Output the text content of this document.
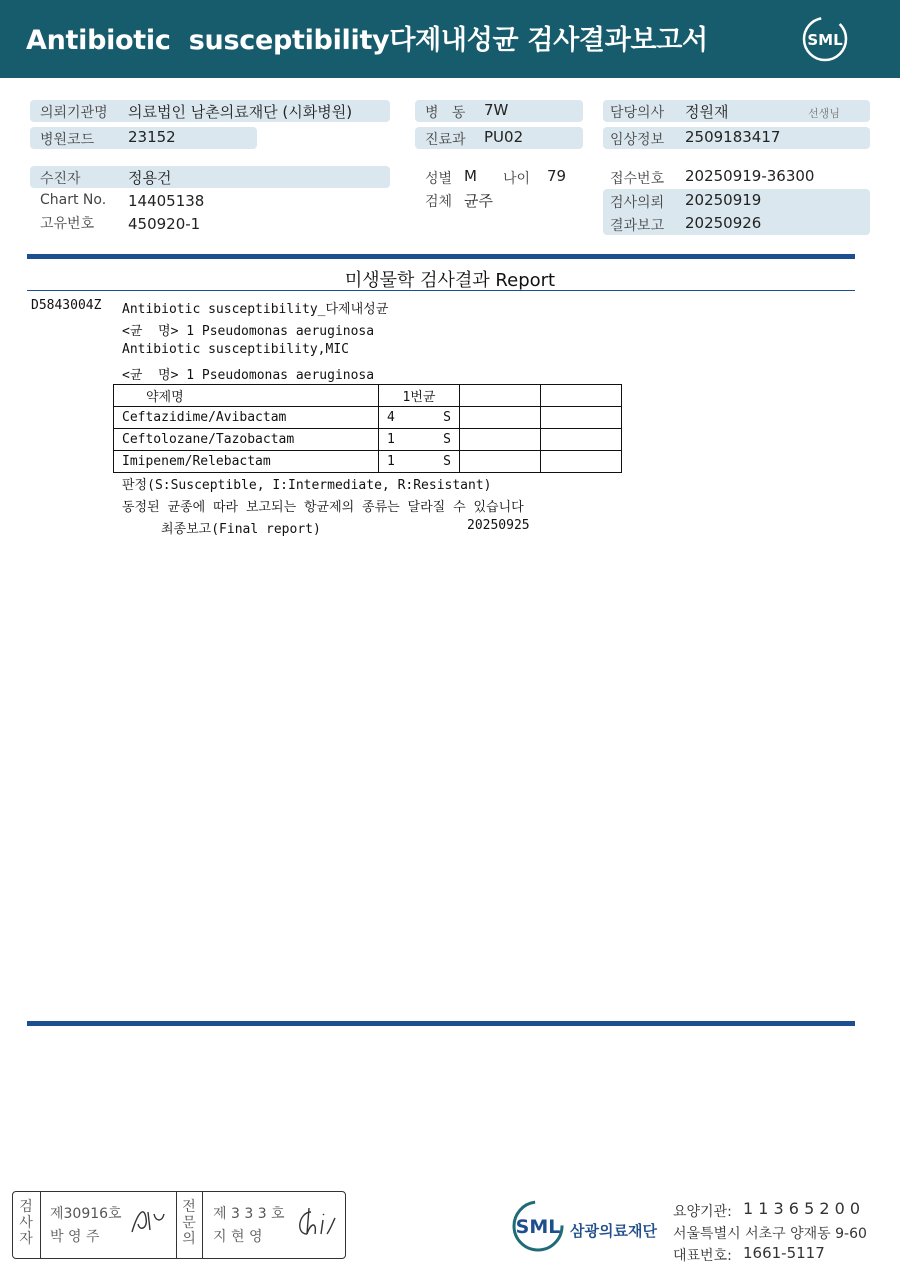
Antibiotic  susceptibility다제내성균 검사결과보고서	SML
의뢰기관명 의료법인 남촌의료재단 (시화병원)
병원코드 23152
병   동 7W
진료과 PU02
담당의사 정원재	선생님
임상정보 2509183417
수진자	정용건
Chart No. 14405138
고유번호 450920-1
성별 M 나이 79
검체 균주
접수번호 20250919-36300
검사의뢰 20250919
결과보고 20250926
미생물학 검사결과 Report
D5843004Z Antibiotic susceptibility_다제내성균
<균  명> 1 Pseudomonas aeruginosa
Antibiotic susceptibility,MIC
<균  명> 1 Pseudomonas aeruginosa
약제명	1번균		
Ceftazidime/Avibactam	4 S		

Ceftolozane/Tazobactam	1 S		

Imipenem/Relebactam	1 S		

판정(S:Susceptible, I:Intermediate, R:Resistant)
동정된 균종에 따라 보고되는 항균제의 종류는 달라질 수 있습니다
최종보고(Final report)	20250925
검
사
자
제30916호
박 영 주
전
문
의
제 3 3 3 호
지 현 영	SML 삼광의료재단
요양기관: 1 1 3 6 5 2 0 0
서울특별시 서초구 양재동 9-60
대표번호: 1661-5117
